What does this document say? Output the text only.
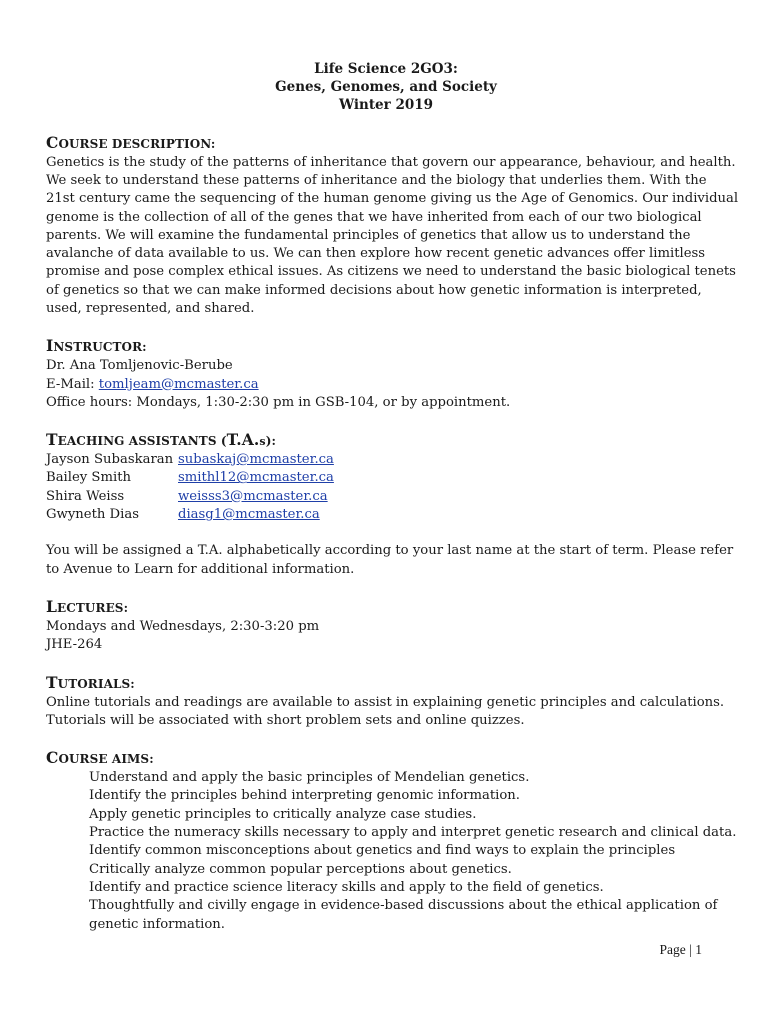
Life Science 2GO3:
Genes, Genomes, and Society
Winter 2019
COURSE DESCRIPTION:
Genetics is the study of the patterns of inheritance that govern our appearance, behaviour, and health.
We seek to understand these patterns of inheritance and the biology that underlies them. With the
21st century came the sequencing of the human genome giving us the Age of Genomics. Our individual
genome is the collection of all of the genes that we have inherited from each of our two biological
parents. We will examine the fundamental principles of genetics that allow us to understand the
avalanche of data available to us. We can then explore how recent genetic advances offer limitless
promise and pose complex ethical issues. As citizens we need to understand the basic biological tenets
of genetics so that we can make informed decisions about how genetic information is interpreted,
used, represented, and shared.
INSTRUCTOR:
Dr. Ana Tomljenovic-Berube
E-Mail: tomljeam@mcmaster.ca
Office hours: Mondays, 1:30-2:30 pm in GSB-104, or by appointment.
TEACHING ASSISTANTS (T.A.s):
Jayson Subaskaran subaskaj@mcmaster.ca
Bailey Smith	smithl12@mcmaster.ca
Shira Weiss	weisss3@mcmaster.ca
Gwyneth Dias	diasg1@mcmaster.ca
You will be assigned a T.A. alphabetically according to your last name at the start of term. Please refer
to Avenue to Learn for additional information.
LECTURES:
Mondays and Wednesdays, 2:30-3:20 pm
JHE-264
TUTORIALS:
Online tutorials and readings are available to assist in explaining genetic principles and calculations.
Tutorials will be associated with short problem sets and online quizzes.
COURSE AIMS:
Understand and apply the basic principles of Mendelian genetics.
Identify the principles behind interpreting genomic information.
Apply genetic principles to critically analyze case studies.
Practice the numeracy skills necessary to apply and interpret genetic research and clinical data.
Identify common misconceptions about genetics and find ways to explain the principles
Critically analyze common popular perceptions about genetics.
Identify and practice science literacy skills and apply to the field of genetics.
Thoughtfully and civilly engage in evidence-based discussions about the ethical application of
genetic information.
Page | 1
